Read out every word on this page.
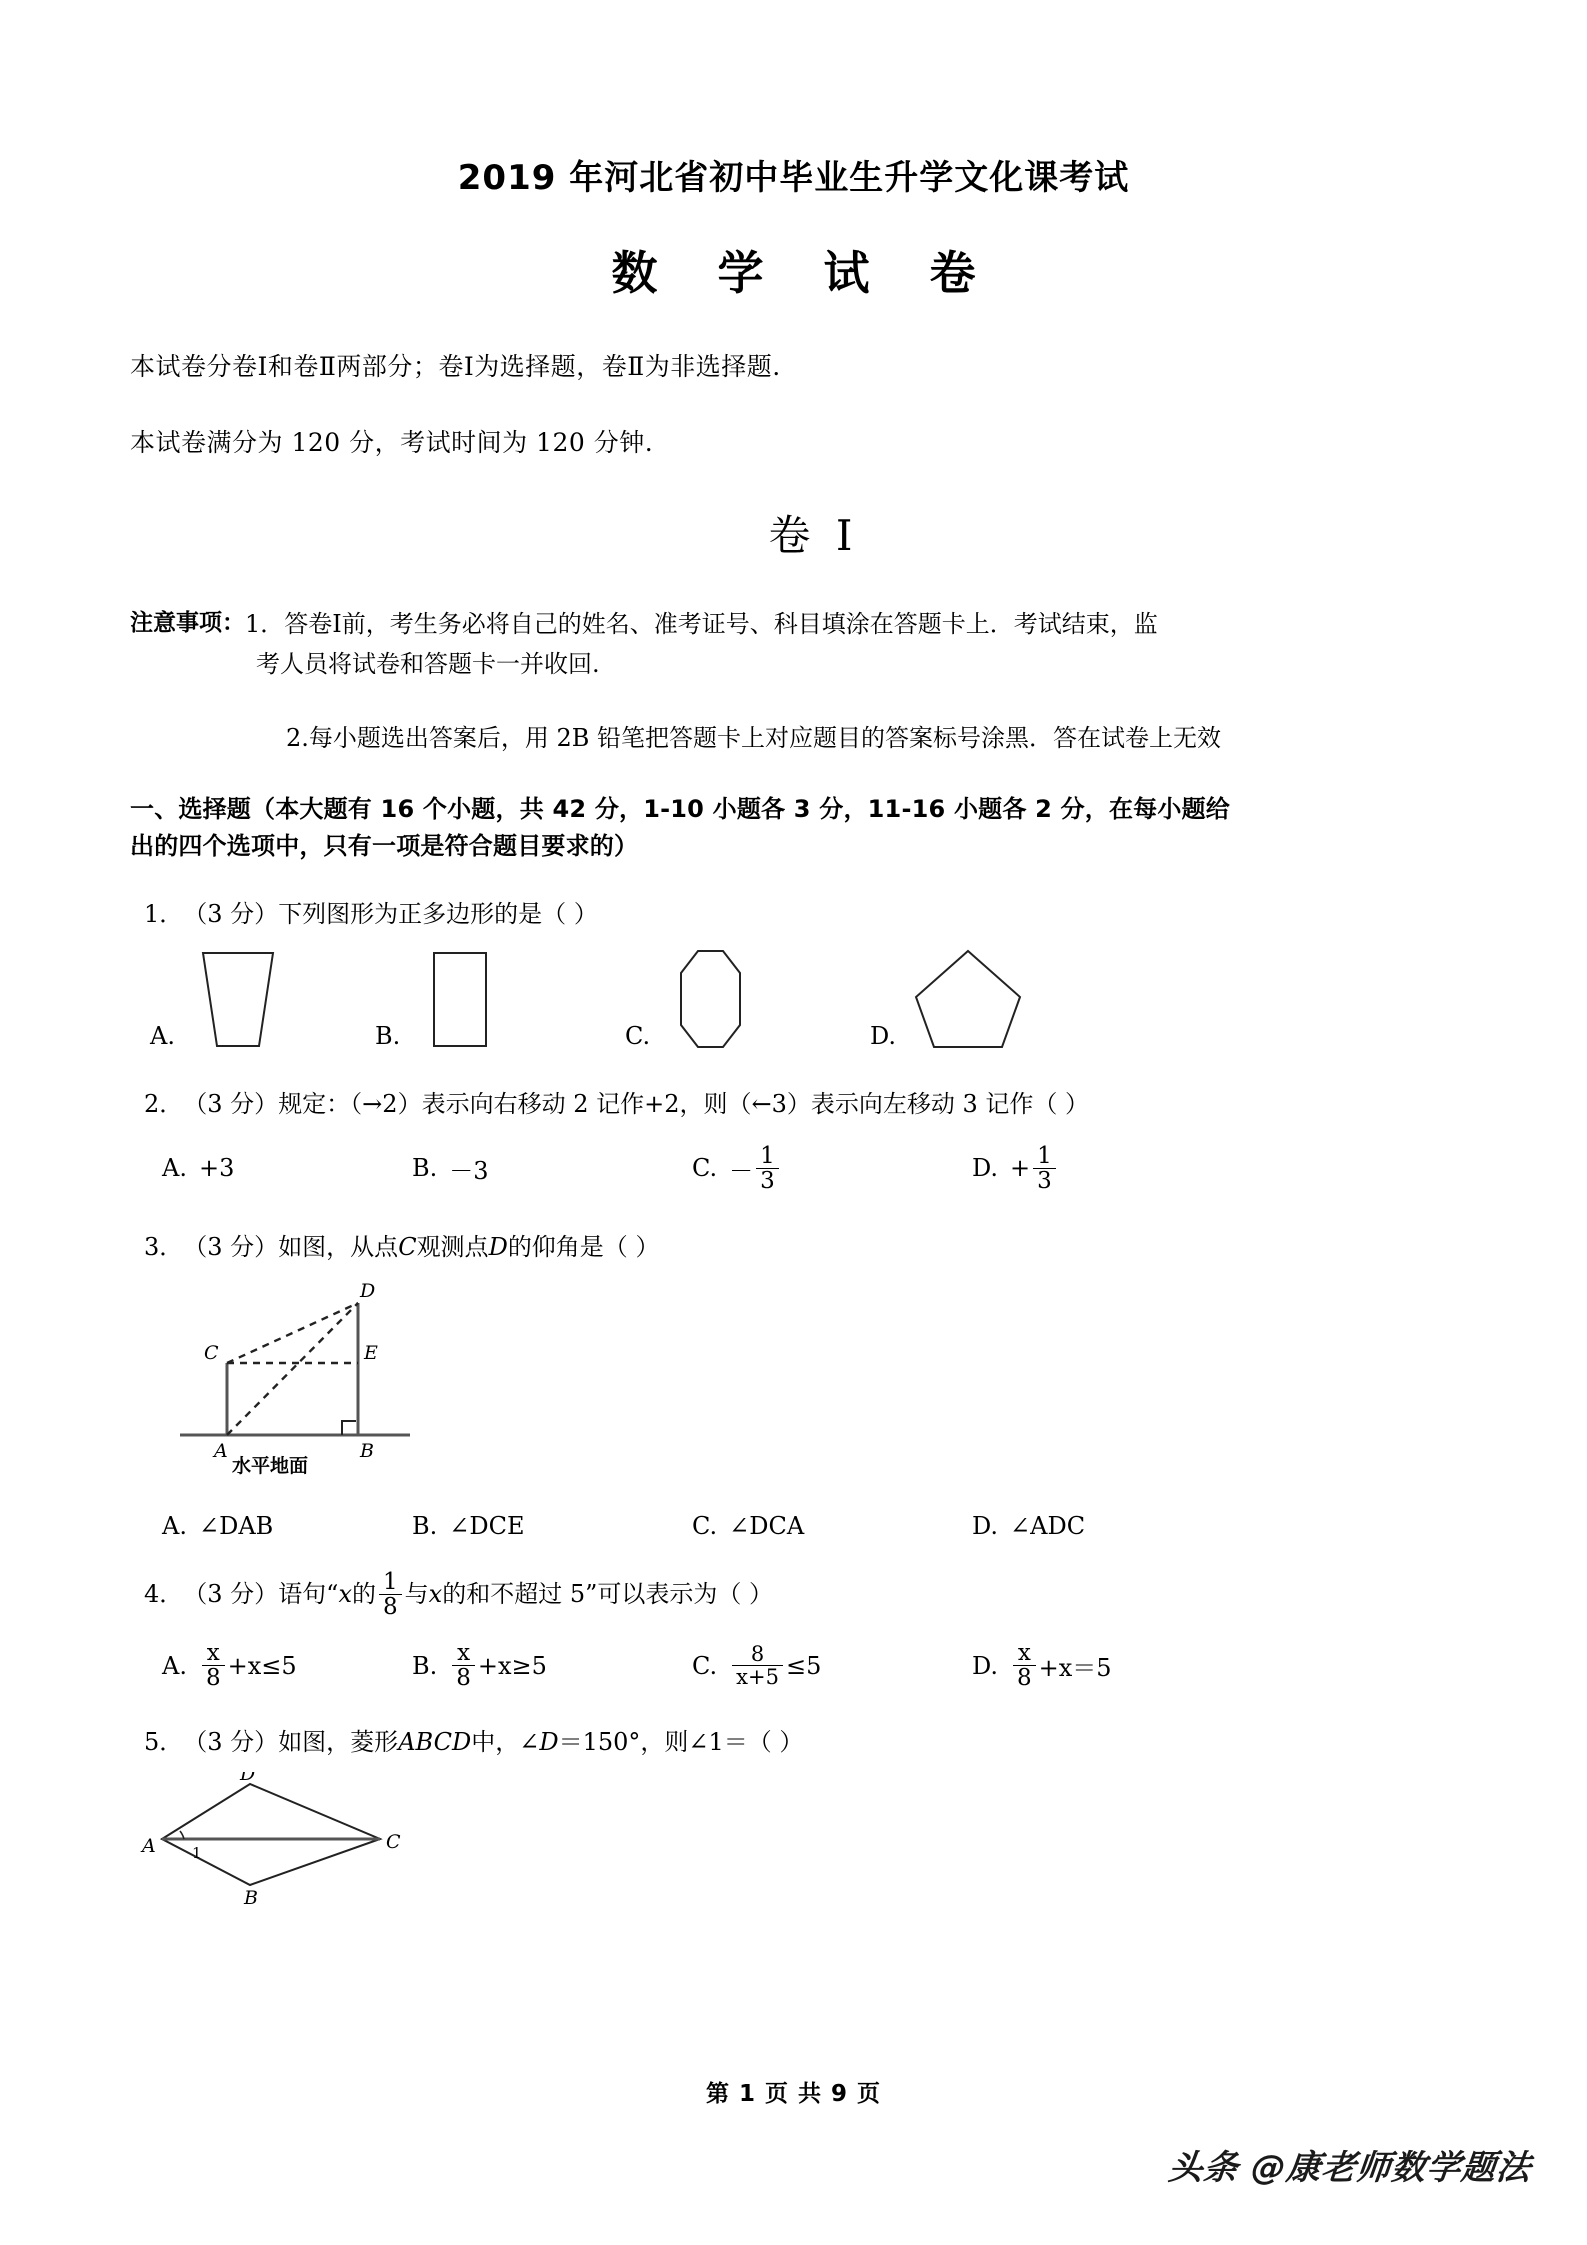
2019 年河北省初中毕业生升学文化课考试
数 学 试 卷
本试卷分卷Ⅰ和卷Ⅱ两部分；卷Ⅰ为选择题，卷Ⅱ为非选择题.
本试卷满分为 120 分，考试时间为 120 分钟.
卷 Ⅰ
注意事项： 1．答卷Ⅰ前，考生务必将自己的姓名、准考证号、科目填涂在答题卡上．考试结束，监
考人员将试卷和答题卡一并收回.
2.每小题选出答案后，用 2B 铅笔把答题卡上对应题目的答案标号涂黑．答在试卷上无效
一、选择题（本大题有 16 个小题，共 42 分，1-10 小题各 3 分，11-16 小题各 2 分，在每小题给
出的四个选项中，只有一项是符合题目要求的）
1． （3 分） 下列图形为正多边形的是（ ）
A.	B.	C.	D.
2． （3 分） 规定：（→2）表示向右移动 2 记作+2，则（←3）表示向左移动 3 记作（ ）
A. +3	B. －3	C. － $\frac{1}{3}$	D. + $\frac{1}{3}$
3． （3 分） 如图，从点 C 观测点 D 的仰角是（ ）
D
C	E
A	B
水平地面
A. ∠DAB	B. ∠DCE	C. ∠DCA	D. ∠ADC
4． （3 分） 语句“ x 的 $\frac{1}{8}$ 与 x 的和不超过 5”可以表示为（ ）
A. $\frac{x}{8} +x\le 5$	B. $\frac{x}{8} +x\ge 5$	C. $\frac{8}{x+5} \le 5$	D. $\frac{x}{8} +x=5$
5． （3 分） 如图，菱形 ABCD 中，∠ D ＝150°，则∠1＝（ ）
D
A	C
B
1
第 1 页 共 9 页
头条 @康老师数学题法
